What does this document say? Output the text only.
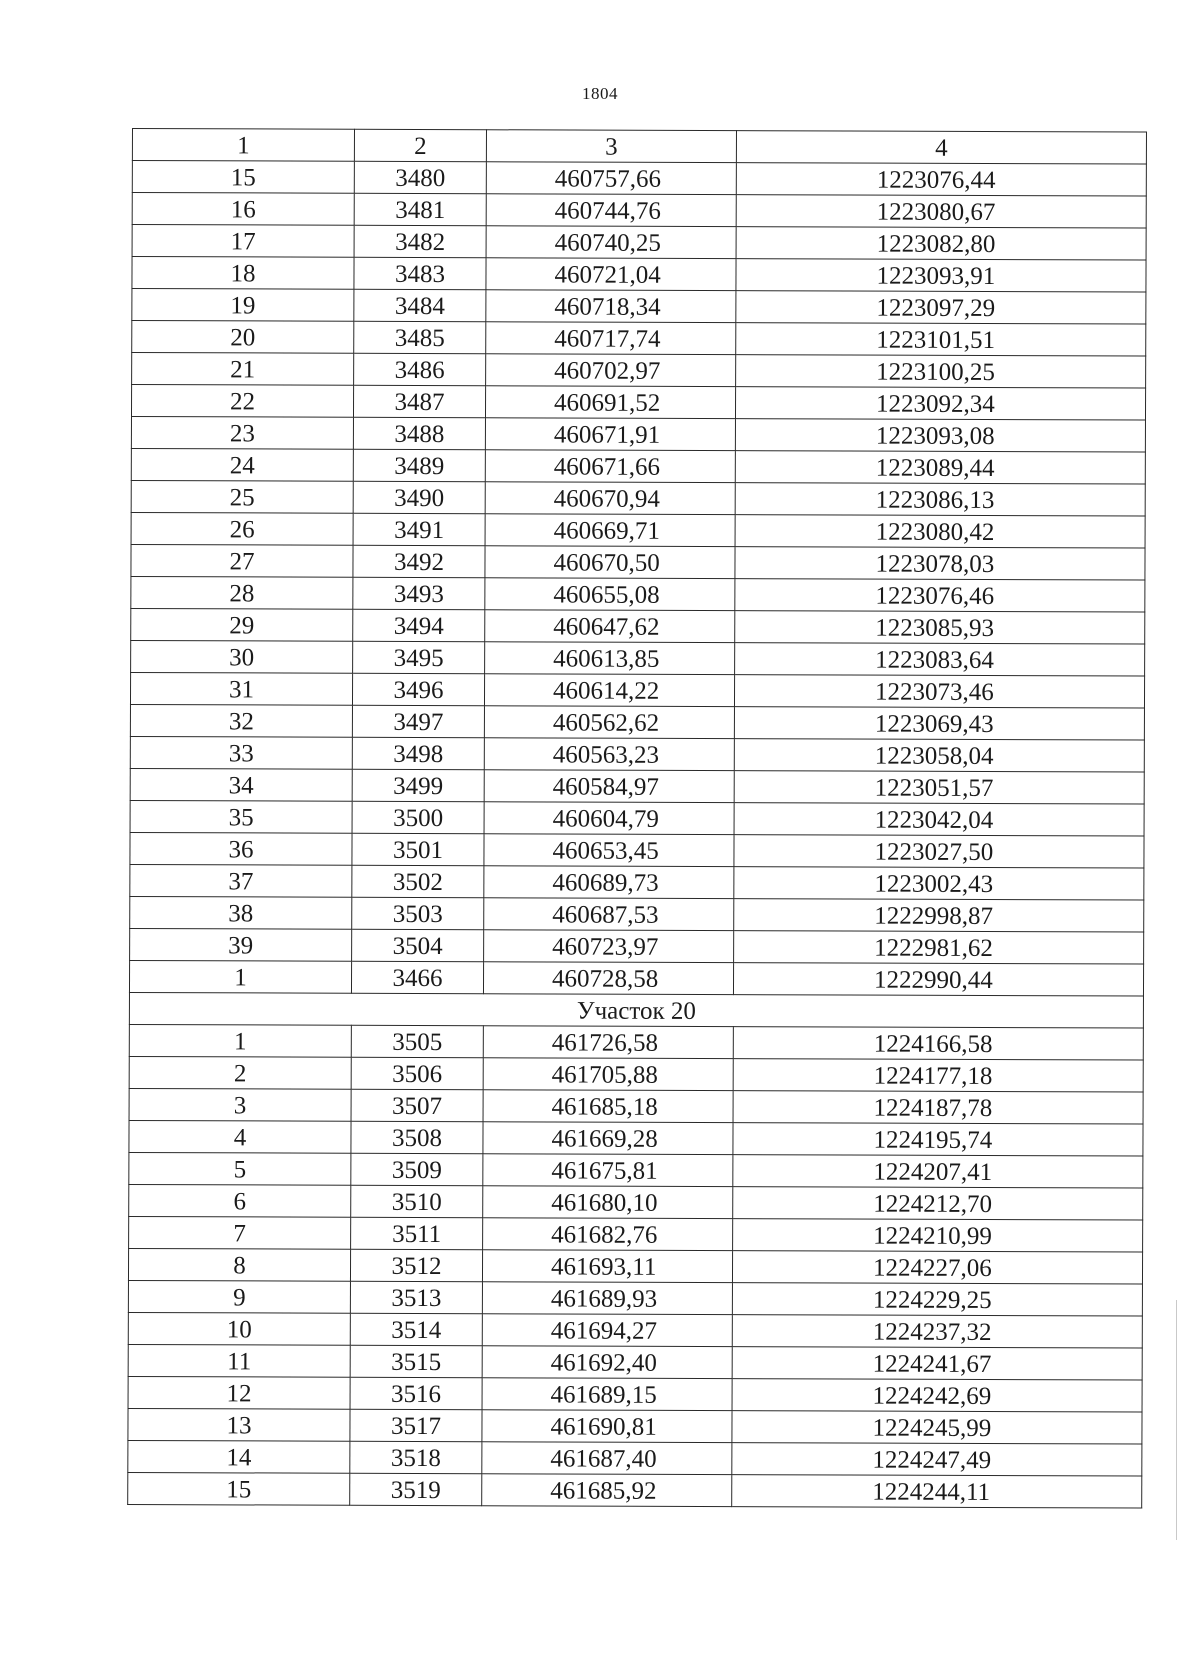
1804
1	2	3	4
15	3480	460757,66	1223076,44
16	3481	460744,76	1223080,67
17	3482	460740,25	1223082,80
18	3483	460721,04	1223093,91
19	3484	460718,34	1223097,29
20	3485	460717,74	1223101,51
21	3486	460702,97	1223100,25
22	3487	460691,52	1223092,34
23	3488	460671,91	1223093,08
24	3489	460671,66	1223089,44
25	3490	460670,94	1223086,13
26	3491	460669,71	1223080,42
27	3492	460670,50	1223078,03
28	3493	460655,08	1223076,46
29	3494	460647,62	1223085,93
30	3495	460613,85	1223083,64
31	3496	460614,22	1223073,46
32	3497	460562,62	1223069,43
33	3498	460563,23	1223058,04
34	3499	460584,97	1223051,57
35	3500	460604,79	1223042,04
36	3501	460653,45	1223027,50
37	3502	460689,73	1223002,43
38	3503	460687,53	1222998,87
39	3504	460723,97	1222981,62
1	3466	460728,58	1222990,44
Участок 20			
1	3505	461726,58	1224166,58
2	3506	461705,88	1224177,18
3	3507	461685,18	1224187,78
4	3508	461669,28	1224195,74
5	3509	461675,81	1224207,41
6	3510	461680,10	1224212,70
7	3511	461682,76	1224210,99
8	3512	461693,11	1224227,06
9	3513	461689,93	1224229,25
10	3514	461694,27	1224237,32
11	3515	461692,40	1224241,67
12	3516	461689,15	1224242,69
13	3517	461690,81	1224245,99
14	3518	461687,40	1224247,49
15	3519	461685,92	1224244,11
